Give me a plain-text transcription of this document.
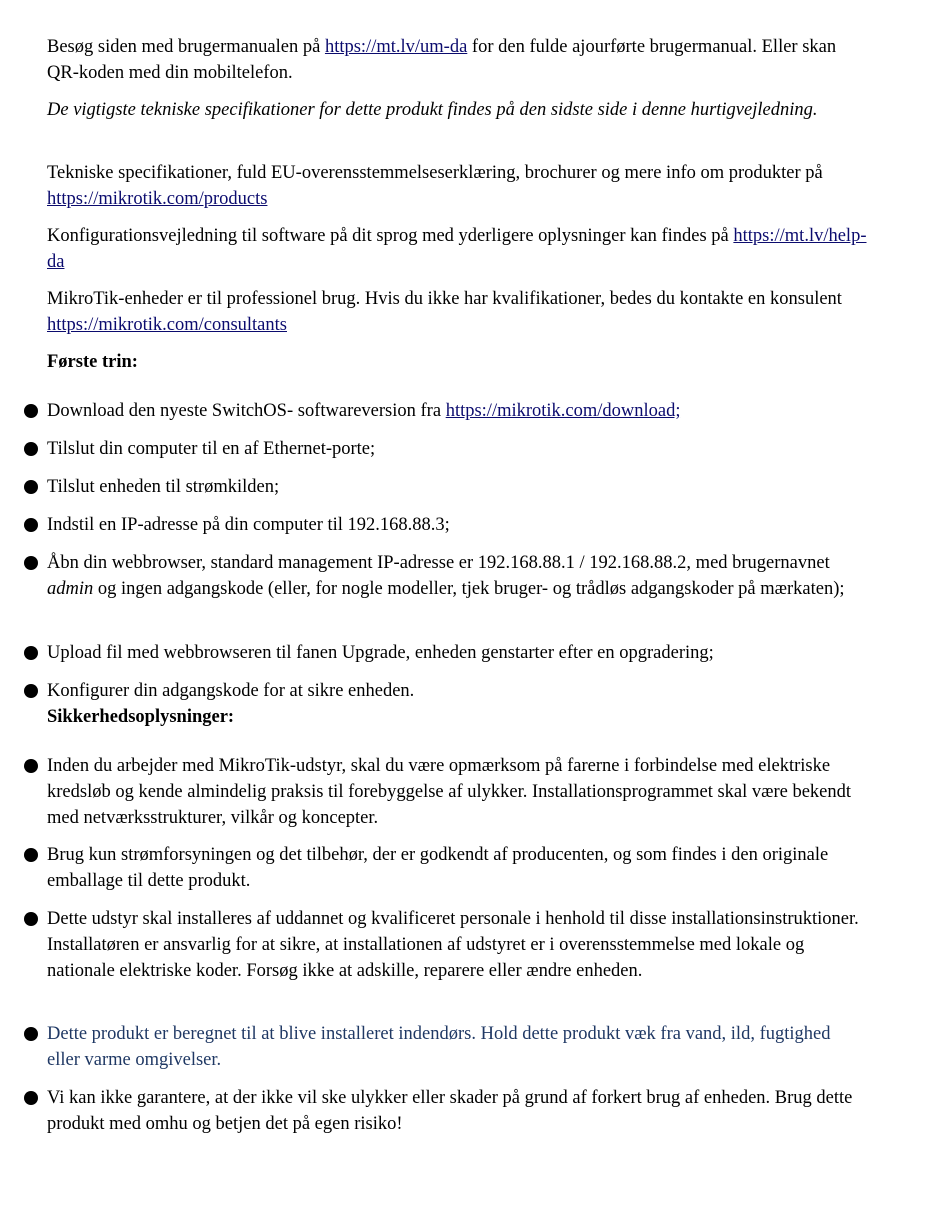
Besøg siden med brugermanualen på https://mt.lv/um-da for den fulde ajourførte brugermanual. Eller skan QR-koden med din mobiltelefon.

De vigtigste tekniske specifikationer for dette produkt findes på den sidste side i denne hurtigvejledning.

Tekniske specifikationer, fuld EU-overensstemmelseserklæring, brochurer og mere info om produkter på https://mikrotik.com/products

Konfigurationsvejledning til software på dit sprog med yderligere oplysninger kan findes på https://mt.lv/help-da

MikroTik-enheder er til professionel brug. Hvis du ikke har kvalifikationer, bedes du kontakte en konsulent https://mikrotik.com/consultants

Første trin:

Download den nyeste SwitchOS- softwareversion fra https://mikrotik.com/download;
Tilslut din computer til en af Ethernet-porte;
Tilslut enheden til strømkilden;
Indstil en IP-adresse på din computer til 192.168.88.3;
Åbn din webbrowser, standard management IP-adresse er 192.168.88.1 / 192.168.88.2, med brugernavnet admin og ingen adgangskode (eller, for nogle modeller, tjek bruger- og trådløs adgangskoder på mærkaten);
Upload fil med webbrowseren til fanen Upgrade, enheden genstarter efter en opgradering;
Konfigurer din adgangskode for at sikre enheden.

Sikkerhedsoplysninger:

Inden du arbejder med MikroTik-udstyr, skal du være opmærksom på farerne i forbindelse med elektriske kredsløb og kende almindelig praksis til forebyggelse af ulykker. Installationsprogrammet skal være bekendt med netværksstrukturer, vilkår og koncepter.
Brug kun strømforsyningen og det tilbehør, der er godkendt af producenten, og som findes i den originale emballage til dette produkt.
Dette udstyr skal installeres af uddannet og kvalificeret personale i henhold til disse installationsinstruktioner. Installatøren er ansvarlig for at sikre, at installationen af udstyret er i overensstemmelse med lokale og nationale elektriske koder. Forsøg ikke at adskille, reparere eller ændre enheden.
Dette produkt er beregnet til at blive installeret indendørs. Hold dette produkt væk fra vand, ild, fugtighed eller varme omgivelser.
Vi kan ikke garantere, at der ikke vil ske ulykker eller skader på grund af forkert brug af enheden. Brug dette produkt med omhu og betjen det på egen risiko!
